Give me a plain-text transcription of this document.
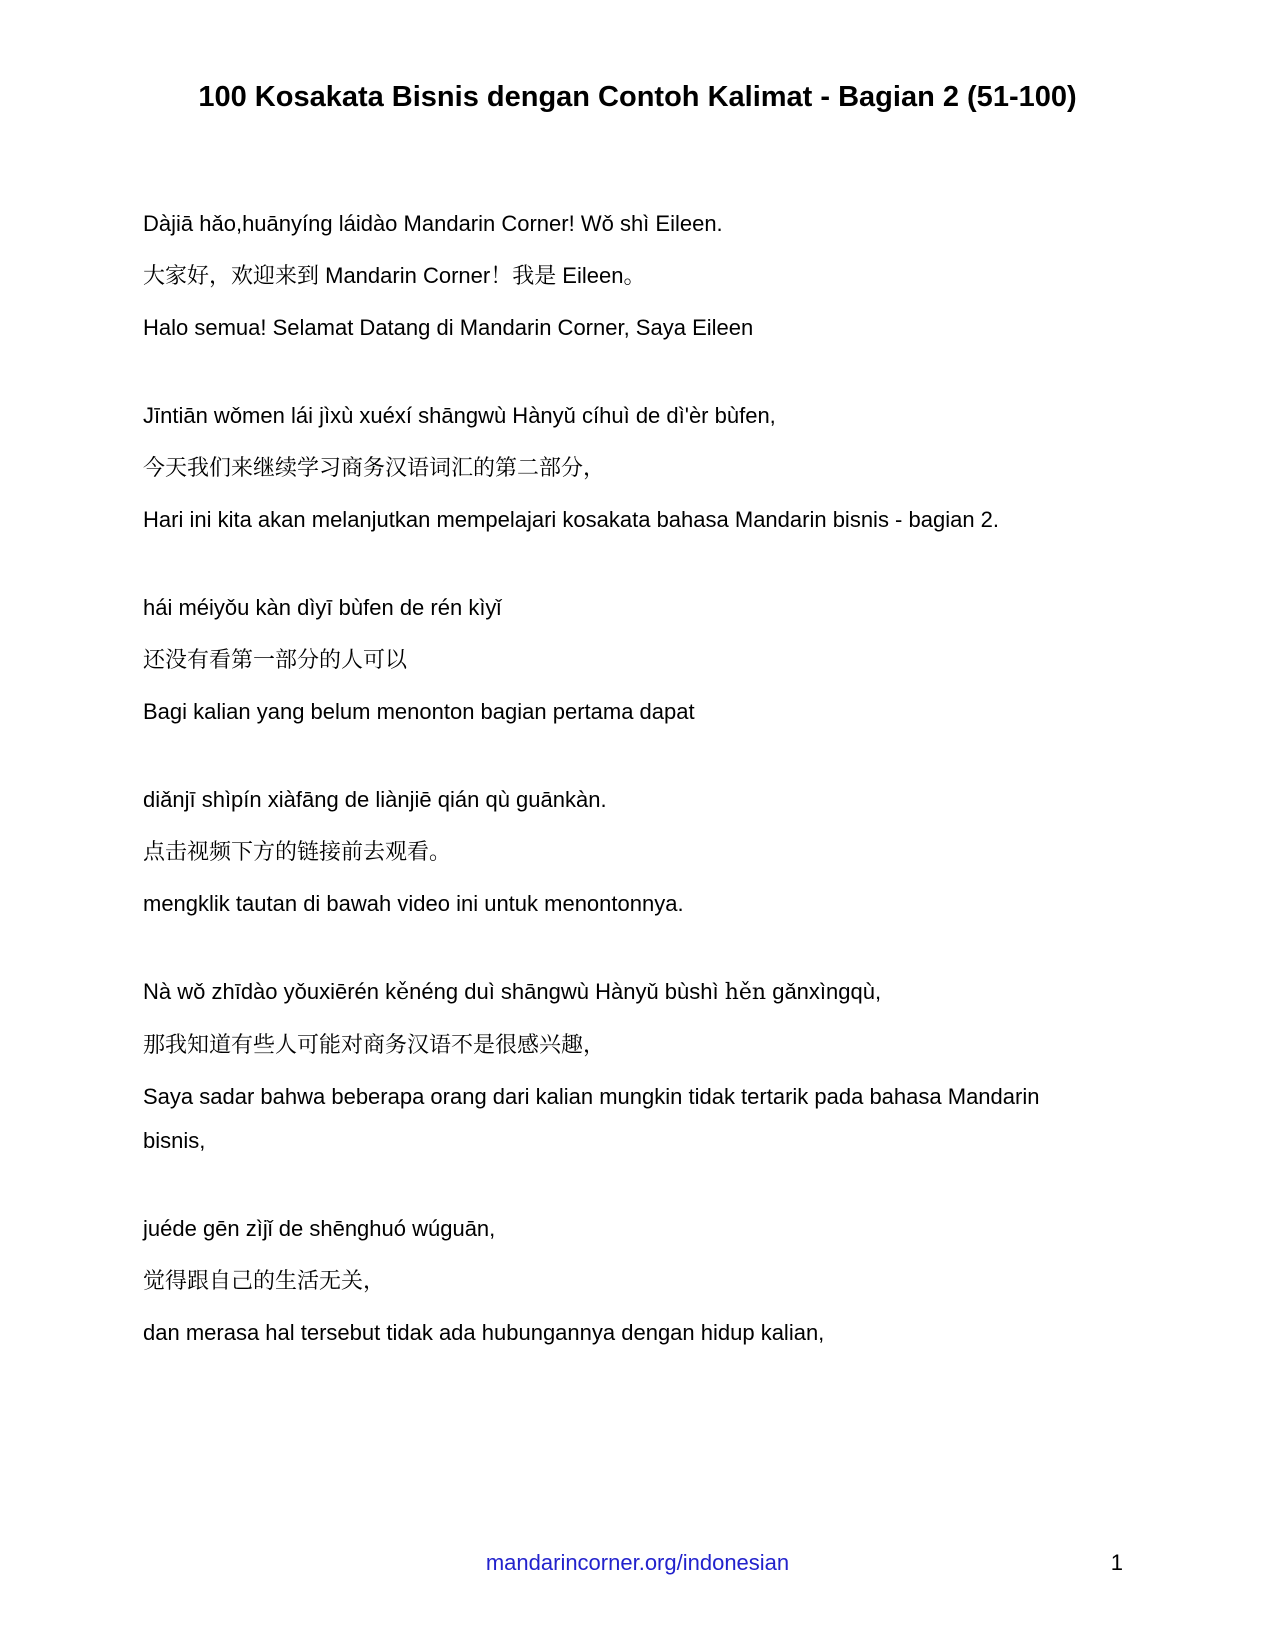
100 Kosakata Bisnis dengan Contoh Kalimat - Bagian 2 (51-100)

Dàjiā hǎo,huānyíng láidào Mandarin Corner! Wǒ shì Eileen.

大家好，欢迎来到 Mandarin Corner！我是 Eileen。

Halo semua! Selamat Datang di Mandarin Corner, Saya Eileen

Jīntiān wǒmen lái jìxù xuéxí shāngwù Hànyǔ cíhuì de dì'èr bùfen,

今天我们来继续学习商务汉语词汇的第二部分，

Hari ini kita akan melanjutkan mempelajari kosakata bahasa Mandarin bisnis - bagian 2.

hái méiyǒu kàn dìyī bùfen de rén kìyǐ

还没有看第一部分的人可以

Bagi kalian yang belum menonton bagian pertama dapat

diǎnjī shìpín xiàfāng de liànjiē qián qù guānkàn.

点击视频下方的链接前去观看。

mengklik tautan di bawah video ini untuk menontonnya.

Nà wǒ zhīdào yǒuxiērén kěnéng duì shāngwù Hànyǔ bùshì hěn gǎnxìngqù,

那我知道有些人可能对商务汉语不是很感兴趣，

Saya sadar bahwa beberapa orang dari kalian mungkin tidak tertarik pada bahasa Mandarin bisnis,

juéde gēn zìjǐ de shēnghuó wúguān,

觉得跟自己的生活无关，

dan merasa hal tersebut tidak ada hubungannya dengan hidup kalian,

mandarincorner.org/indonesian	1
